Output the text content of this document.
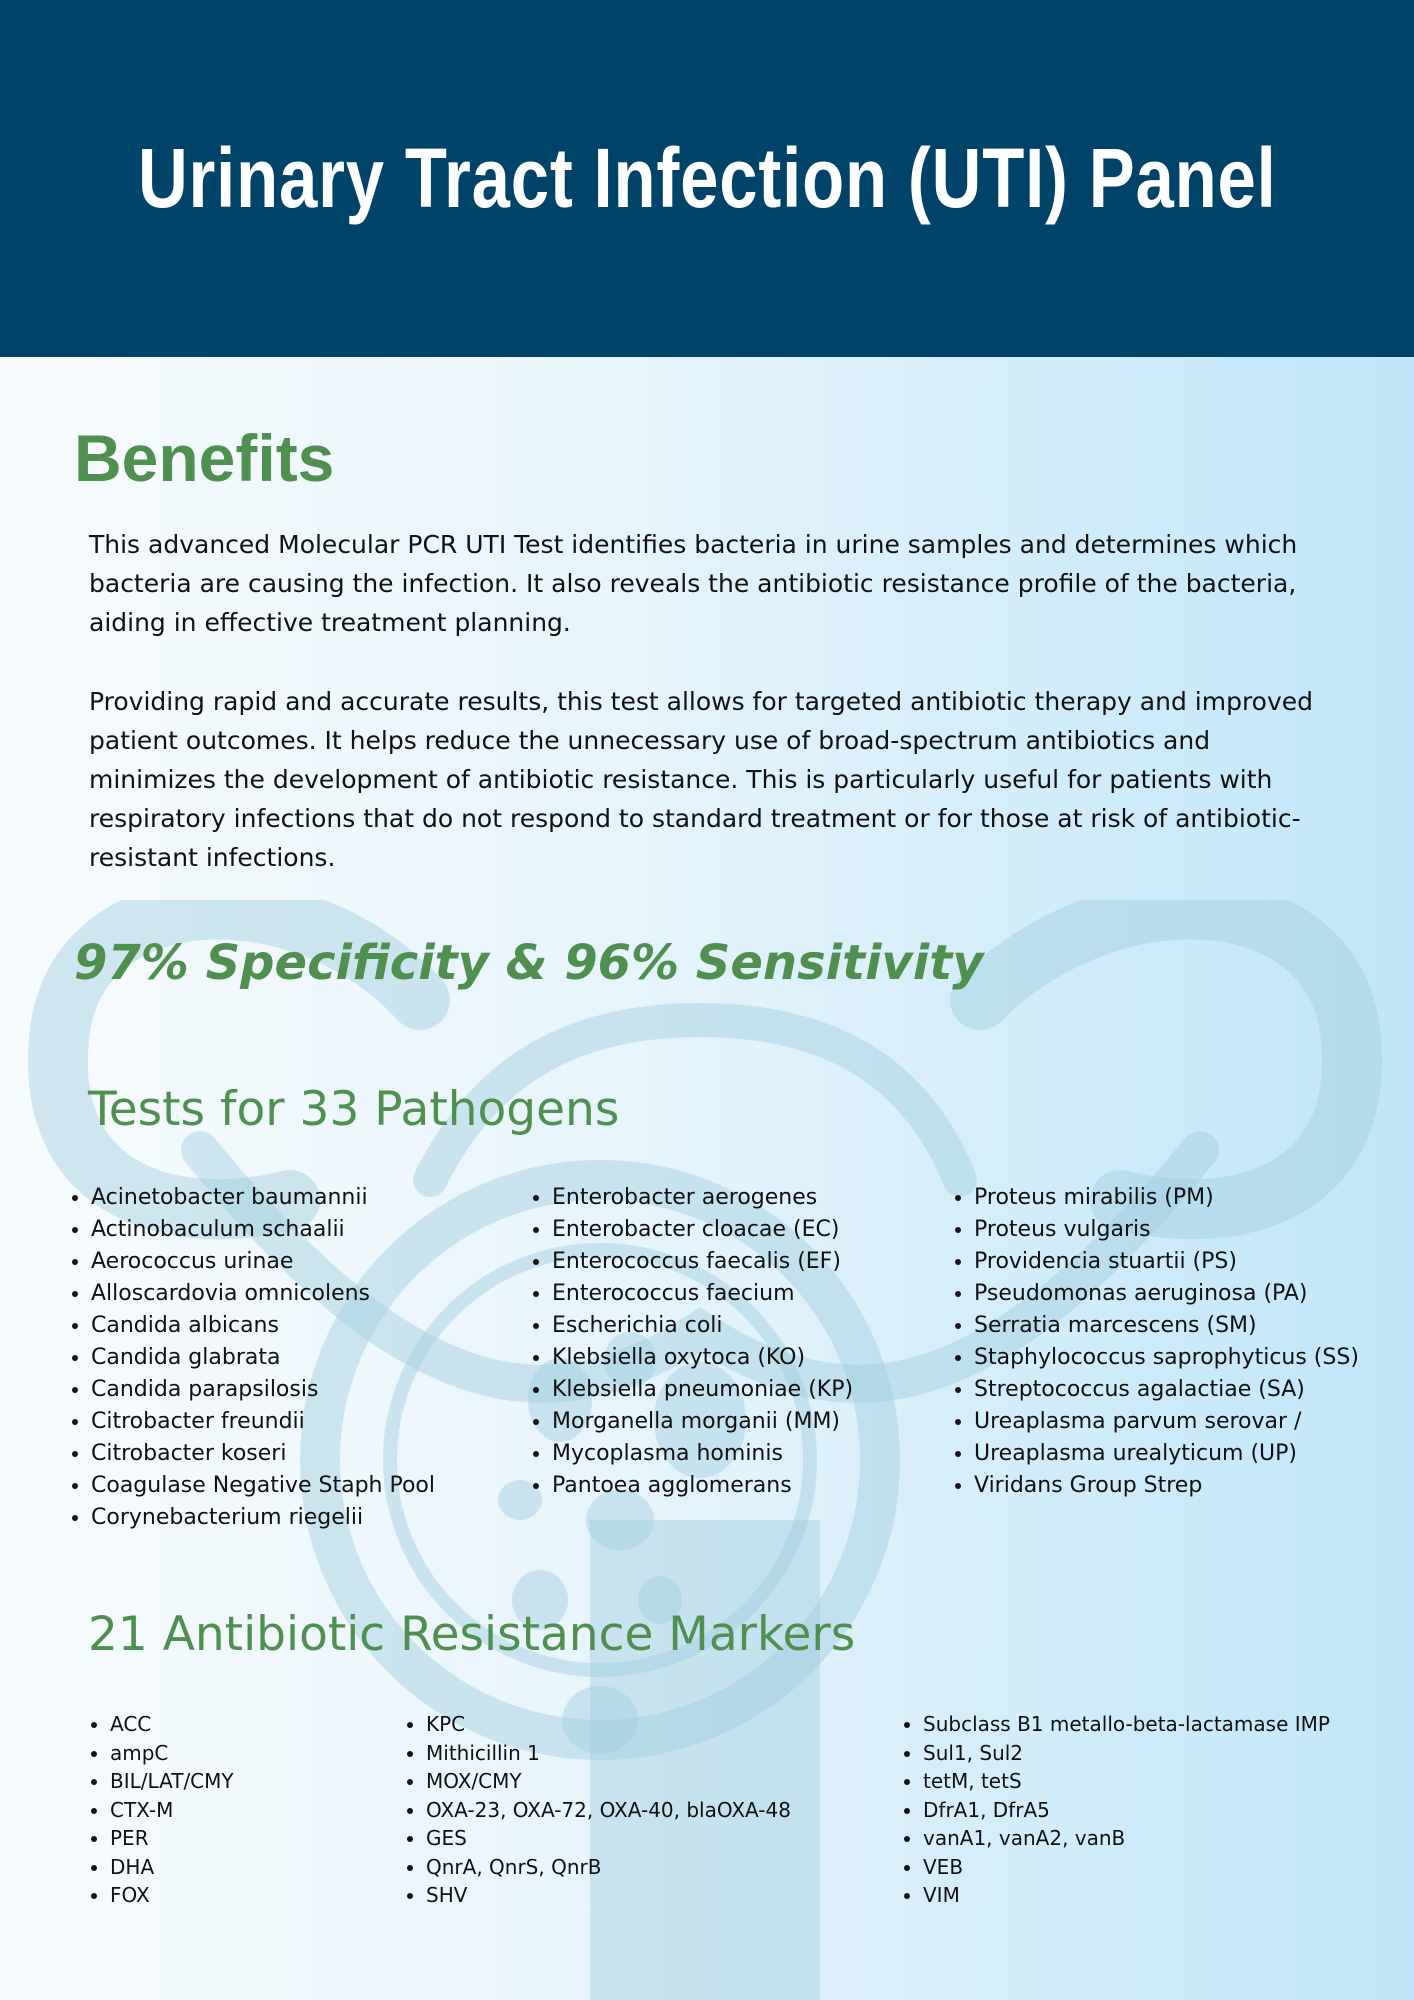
Urinary Tract Infection (UTI) Panel
Benefits

This advanced Molecular PCR UTI Test identifies bacteria in urine samples and determines which bacteria are causing the infection. It also reveals the antibiotic resistance profile of the bacteria, aiding in effective treatment planning.

Providing rapid and accurate results, this test allows for targeted antibiotic therapy and improved patient outcomes. It helps reduce the unnecessary use of broad-spectrum antibiotics and minimizes the development of antibiotic resistance. This is particularly useful for patients with respiratory infections that do not respond to standard treatment or for those at risk of antibiotic-resistant infections.

97% Specificity & 96% Sensitivity
Tests for 33 Pathogens
• Acinetobacter baumannii
• Actinobaculum schaalii
• Aerococcus urinae
• Alloscardovia omnicolens
• Candida albicans
• Candida glabrata
• Candida parapsilosis
• Citrobacter freundii
• Citrobacter koseri
• Coagulase Negative Staph Pool
• Corynebacterium riegelii
• Enterobacter aerogenes
• Enterobacter cloacae (EC)
• Enterococcus faecalis (EF)
• Enterococcus faecium
• Escherichia coli
• Klebsiella oxytoca (KO)
• Klebsiella pneumoniae (KP)
• Morganella morganii (MM)
• Mycoplasma hominis
• Pantoea agglomerans
• Proteus mirabilis (PM)
• Proteus vulgaris
• Providencia stuartii (PS)
• Pseudomonas aeruginosa (PA)
• Serratia marcescens (SM)
• Staphylococcus saprophyticus (SS)
• Streptococcus agalactiae (SA)
• Ureaplasma parvum serovar /
• Ureaplasma urealyticum (UP)
• Viridans Group Strep
21 Antibiotic Resistance Markers
• ACC
• ampC
• BIL/LAT/CMY
• CTX-M
• PER
• DHA
• FOX
• KPC
• Mithicillin 1
• MOX/CMY
• OXA-23, OXA-72, OXA-40, blaOXA-48
• GES
• QnrA, QnrS, QnrB
• SHV
• Subclass B1 metallo-beta-lactamase IMP
• Sul1, Sul2
• tetM, tetS
• DfrA1, DfrA5
• vanA1, vanA2, vanB
• VEB
• VIM
